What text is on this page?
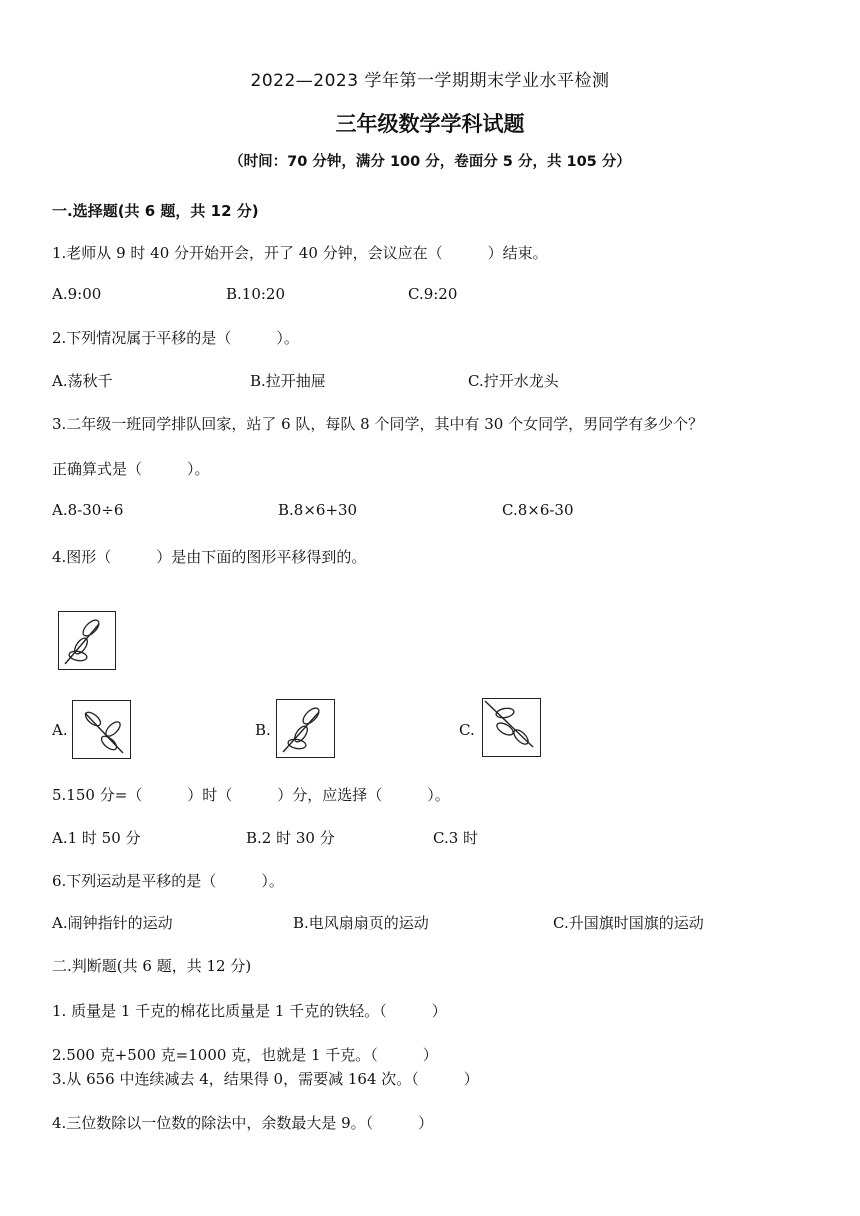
2022—2023 学年第一学期期末学业水平检测
三年级数学学科试题
（时间：70 分钟，满分 100 分，卷面分 5 分，共 105 分）
一.选择题(共 6 题，共 12 分)
1.老师从 9 时 40 分开始开会，开了 40 分钟，会议应在（　　　）结束。
A.9:00	B.10:20	C.9:20
2.下列情况属于平移的是（　　　）。
A.荡秋千	B.拉开抽屉	C.拧开水龙头
3.二年级一班同学排队回家，站了 6 队，每队 8 个同学，其中有 30 个女同学，男同学有多少个？
正确算式是（　　　）。
A.8-30÷6	B.8×6+30	C.8×6-30
4.图形（　　　）是由下面的图形平移得到的。
A.	B.	C.
5.150 分=（　　　）时（　　　）分，应选择（　　　）。
A.1 时 50 分	B.2 时 30 分	C.3 时
6.下列运动是平移的是（　　　）。
A.闹钟指针的运动	B.电风扇扇页的运动	C.升国旗时国旗的运动
二.判断题(共 6 题，共 12 分)
1. 质量是 1 千克的棉花比质量是 1 千克的铁轻。（　　　）
2.500 克+500 克=1000 克，也就是 1 千克。（　　　）
3.从 656 中连续减去 4，结果得 0，需要减 164 次。（　　　）
4.三位数除以一位数的除法中，余数最大是 9。（　　　）
